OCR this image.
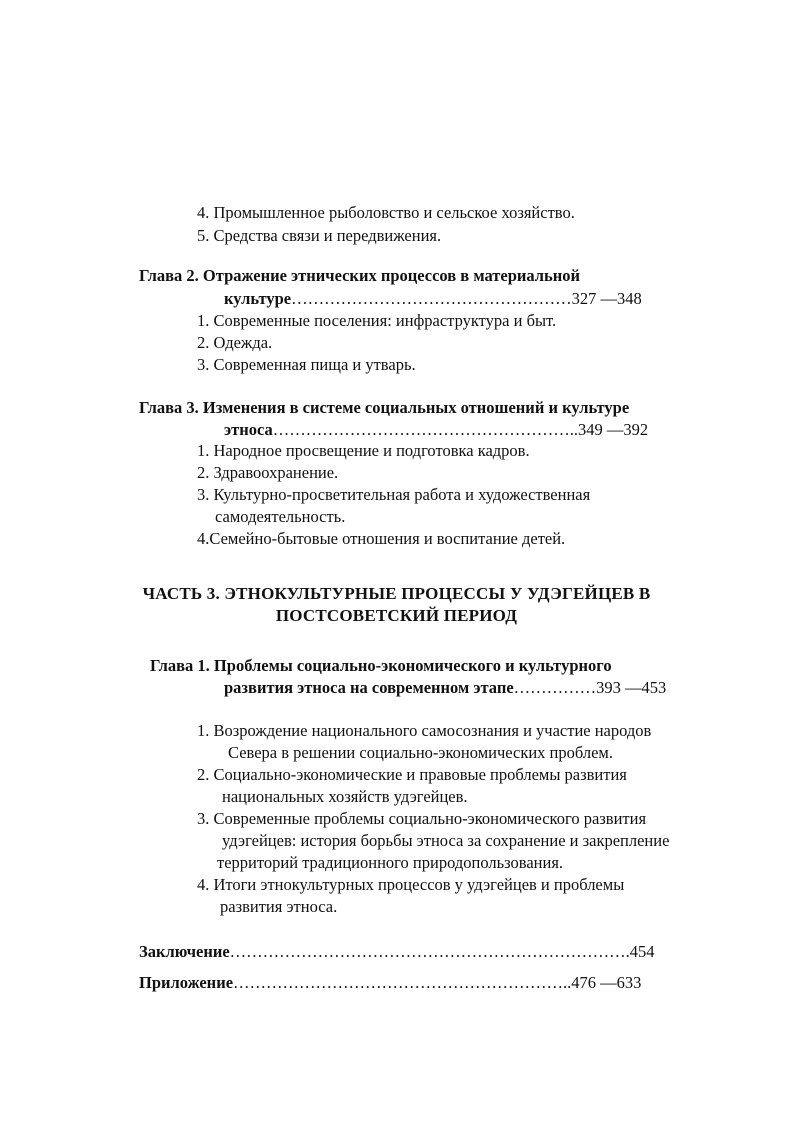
4. Промышленное рыболовство и сельское хозяйство.

5. Средства связи и передвижения.

Глава 2. Отражение этнических процессов в материальной

культуре……………………………………………327 —348

1. Современные поселения: инфраструктура и быт.

2. Одежда.

3. Современная пища и утварь.

Глава 3. Изменения в системе социальных отношений и культуре

этноса………………………………………………..349 —392

1. Народное просвещение и подготовка кадров.

2. Здравоохранение.

3. Культурно-просветительная работа и художественная

самодеятельность.

4.Семейно-бытовые отношения и воспитание детей.

ЧАСТЬ 3. ЭТНОКУЛЬТУРНЫЕ ПРОЦЕССЫ У УДЭГЕЙЦЕВ В

ПОСТСОВЕТСКИЙ ПЕРИОД

Глава 1. Проблемы социально-экономического и культурного

развития этноса на современном этапе……………393 —453

1. Возрождение национального самосознания и участие народов

Севера в решении социально-экономических проблем.

2. Социально-экономические и правовые проблемы развития

национальных хозяйств удэгейцев.

3. Современные проблемы социально-экономического развития

удэгейцев: история борьбы этноса за сохранение и закрепление

территорий традиционного природопользования.

4. Итоги этнокультурных процессов у удэгейцев и проблемы

развития этноса.

Заключение……………………………………………………………….454

Приложение……………………………………………………..476 —633
